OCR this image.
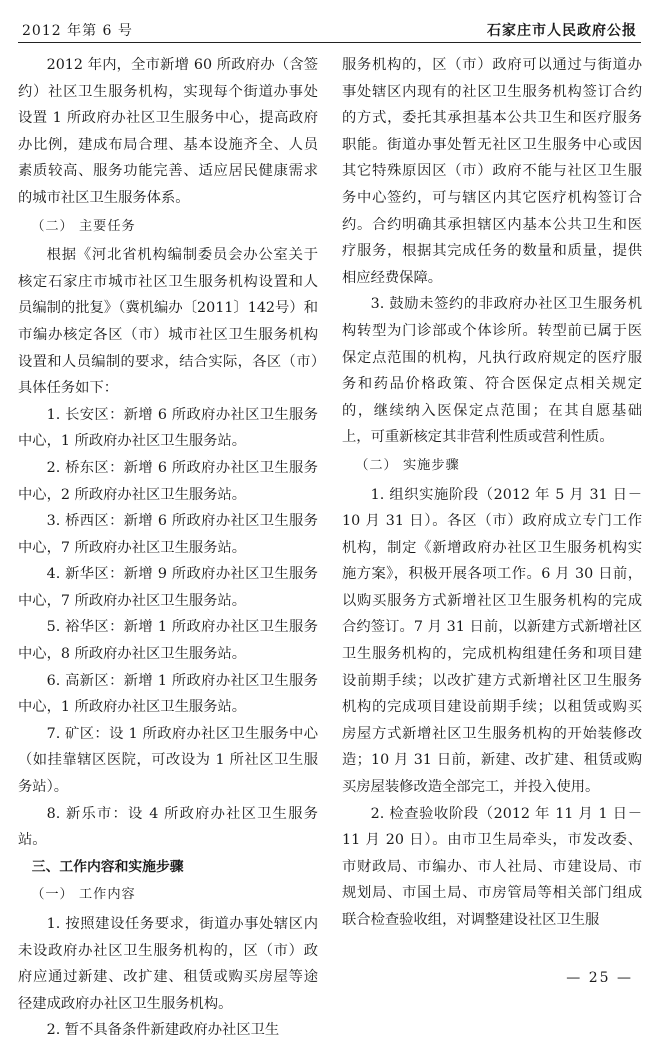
2012 年第 6 号	石家庄市人民政府公报

2012 年内，全市新增 60 所政府办（含签约）社区卫生服务机构，实现每个街道办事处设置 1 所政府办社区卫生服务中心，提高政府办比例，建成布局合理、基本设施齐全、人员素质较高、服务功能完善、适应居民健康需求的城市社区卫生服务体系。

（二） 主要任务

根据《河北省机构编制委员会办公室关于核定石家庄市城市社区卫生服务机构设置和人员编制的批复》（冀机编办〔2011〕142号）和市编办核定各区（市）城市社区卫生服务机构设置和人员编制的要求，结合实际，各区（市）具体任务如下：

1. 长安区：新增 6 所政府办社区卫生服务中心，1 所政府办社区卫生服务站。

2. 桥东区：新增 6 所政府办社区卫生服务中心，2 所政府办社区卫生服务站。

3. 桥西区：新增 6 所政府办社区卫生服务中心，7 所政府办社区卫生服务站。

4. 新华区：新增 9 所政府办社区卫生服务中心，7 所政府办社区卫生服务站。

5. 裕华区：新增 1 所政府办社区卫生服务中心，8 所政府办社区卫生服务站。

6. 高新区：新增 1 所政府办社区卫生服务中心，1 所政府办社区卫生服务站。

7. 矿区：设 1 所政府办社区卫生服务中心（如挂靠辖区医院，可改设为 1 所社区卫生服务站）。

8. 新乐市：设 4 所政府办社区卫生服务站。

三、工作内容和实施步骤

（一） 工作内容

1. 按照建设任务要求，街道办事处辖区内未设政府办社区卫生服务机构的，区（市）政府应通过新建、改扩建、租赁或购买房屋等途径建成政府办社区卫生服务机构。

2. 暂不具备条件新建政府办社区卫生

服务机构的，区（市）政府可以通过与街道办事处辖区内现有的社区卫生服务机构签订合约的方式，委托其承担基本公共卫生和医疗服务职能。街道办事处暂无社区卫生服务中心或因其它特殊原因区（市）政府不能与社区卫生服务中心签约，可与辖区内其它医疗机构签订合约。合约明确其承担辖区内基本公共卫生和医疗服务，根据其完成任务的数量和质量，提供相应经费保障。

3. 鼓励未签约的非政府办社区卫生服务机构转型为门诊部或个体诊所。转型前已属于医保定点范围的机构，凡执行政府规定的医疗服务和药品价格政策、符合医保定点相关规定的，继续纳入医保定点范围；在其自愿基础上，可重新核定其非营利性质或营利性质。

（二） 实施步骤

1. 组织实施阶段（2012 年 5 月 31 日－10 月 31 日）。各区（市）政府成立专门工作机构，制定《新增政府办社区卫生服务机构实施方案》，积极开展各项工作。6 月 30 日前，以购买服务方式新增社区卫生服务机构的完成合约签订。7 月 31 日前，以新建方式新增社区卫生服务机构的，完成机构组建任务和项目建设前期手续；以改扩建方式新增社区卫生服务机构的完成项目建设前期手续；以租赁或购买房屋方式新增社区卫生服务机构的开始装修改造；10 月 31 日前，新建、改扩建、租赁或购买房屋装修改造全部完工，并投入使用。

2. 检查验收阶段（2012 年 11 月 1 日－11 月 20 日）。由市卫生局牵头，市发改委、市财政局、市编办、市人社局、市建设局、市规划局、市国土局、市房管局等相关部门组成联合检查验收组，对调整建设社区卫生服

— 25 —
